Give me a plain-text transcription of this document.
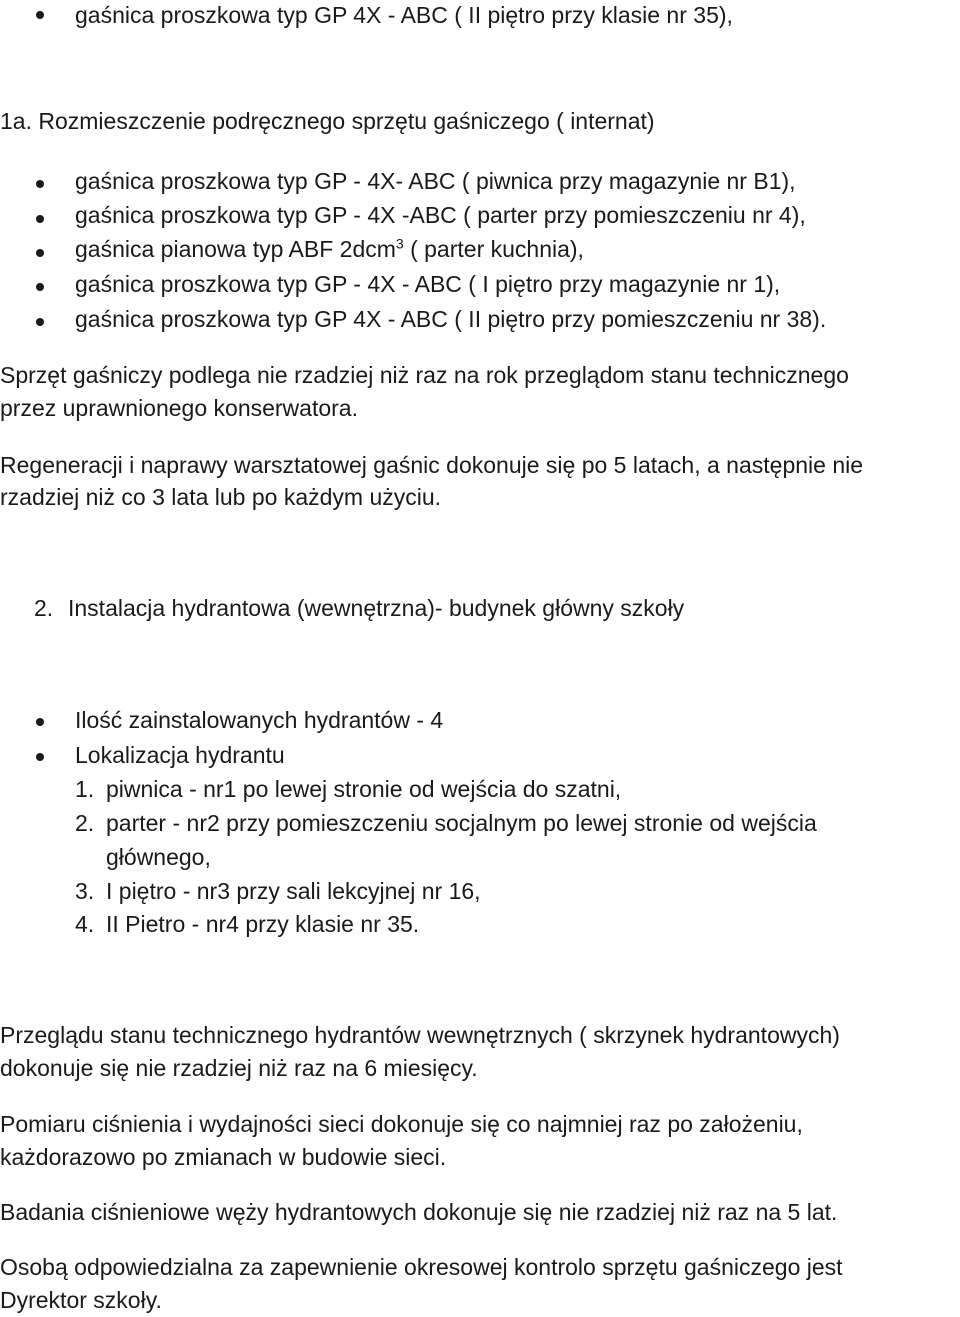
gaśnica proszkowa typ GP 4X - ABC ( II piętro przy klasie nr 35),
1a. Rozmieszczenie podręcznego sprzętu gaśniczego ( internat)
gaśnica proszkowa typ GP - 4X- ABC ( piwnica przy magazynie nr B1),
gaśnica proszkowa typ GP - 4X -ABC ( parter przy pomieszczeniu nr 4),
gaśnica pianowa typ ABF 2dcm$^3$ ( parter kuchnia),
gaśnica proszkowa typ GP - 4X - ABC ( I piętro przy magazynie nr 1),
gaśnica proszkowa typ GP 4X - ABC ( II piętro przy pomieszczeniu nr 38).
Sprzęt gaśniczy podlega nie rzadziej niż raz na rok przeglądom stanu technicznego
przez uprawnionego konserwatora.
Regeneracji i naprawy warsztatowej gaśnic dokonuje się po 5 latach, a następnie nie
rzadziej niż co 3 lata lub po każdym użyciu.
2. Instalacja hydrantowa (wewnętrzna)- budynek główny szkoły
Ilość zainstalowanych hydrantów - 4
Lokalizacja hydrantu
1. piwnica - nr1 po lewej stronie od wejścia do szatni,
2. parter - nr2 przy pomieszczeniu socjalnym po lewej stronie od wejścia
głównego,
3. I piętro - nr3 przy sali lekcyjnej nr 16,
4. II Pietro - nr4 przy klasie nr 35.
Przeglądu stanu technicznego hydrantów wewnętrznych ( skrzynek hydrantowych)
dokonuje się nie rzadziej niż raz na 6 miesięcy.
Pomiaru ciśnienia i wydajności sieci dokonuje się co najmniej raz po założeniu,
każdorazowo po zmianach w budowie sieci.
Badania ciśnieniowe węży hydrantowych dokonuje się nie rzadziej niż raz na 5 lat.
Osobą odpowiedzialna za zapewnienie okresowej kontrolo sprzętu gaśniczego jest
Dyrektor szkoły.
